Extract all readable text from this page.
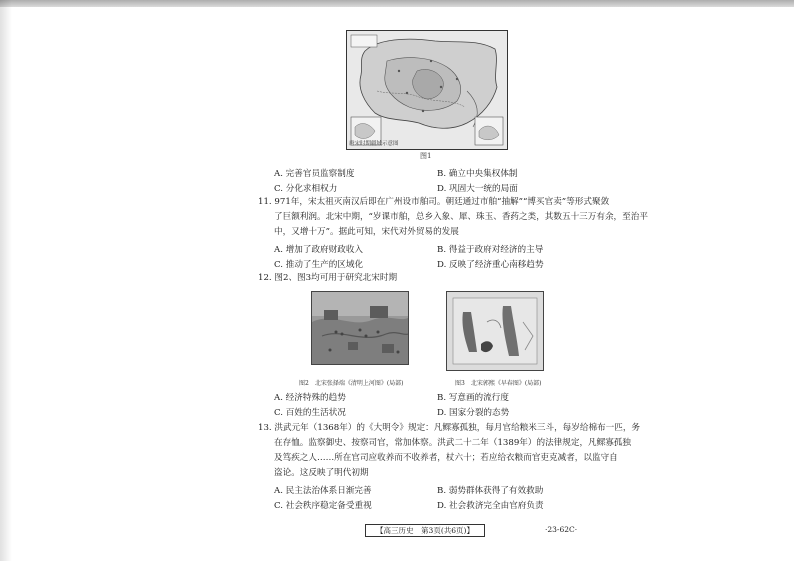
唐宋时期疆域示意图
图1
A. 完善官员监察制度	B. 确立中央集权体制
C. 分化求相权力	D. 巩固大一统的局面
11. 971年，宋太祖灭南汉后即在广州设市舶司。朝廷通过市舶“抽解”“博买官卖”等形式聚敛
了巨额利润。北宋中期，“岁课市舶，总乡入象、犀、珠玉、香药之类，其数五十三万有余，至治平
中，又增十万”。据此可知，宋代对外贸易的发展
A. 增加了政府财政收入	B. 得益于政府对经济的主导
C. 推动了生产的区域化	D. 反映了经济重心南移趋势
12. 图2、图3均可用于研究北宋时期
图2　北宋张择端《清明上河图》(局部)	图3　北宋郭熙《早春图》(局部)
A. 经济特殊的趋势	B. 写意画的流行度
C. 百姓的生活状况	D. 国家分裂的态势
13. 洪武元年（1368年）的《大明令》规定：凡鳏寡孤独，每月官给粮米三斗，每岁给棉布一匹，务
在存恤。监察御史、按察司官，常加体察。洪武二十二年（1389年）的法律规定，凡鳏寡孤独
及笃疾之人……所在官司应收养而不收养者，杖六十；若应给衣粮而官吏克减者，以监守自
盗论。这反映了明代初期
A. 民主法治体系日渐完善	B. 弱势群体获得了有效救助
C. 社会秩序稳定备受重视	D. 社会救济完全由官府负责
【高三历史　第3页(共6页)】	·23-62C·
